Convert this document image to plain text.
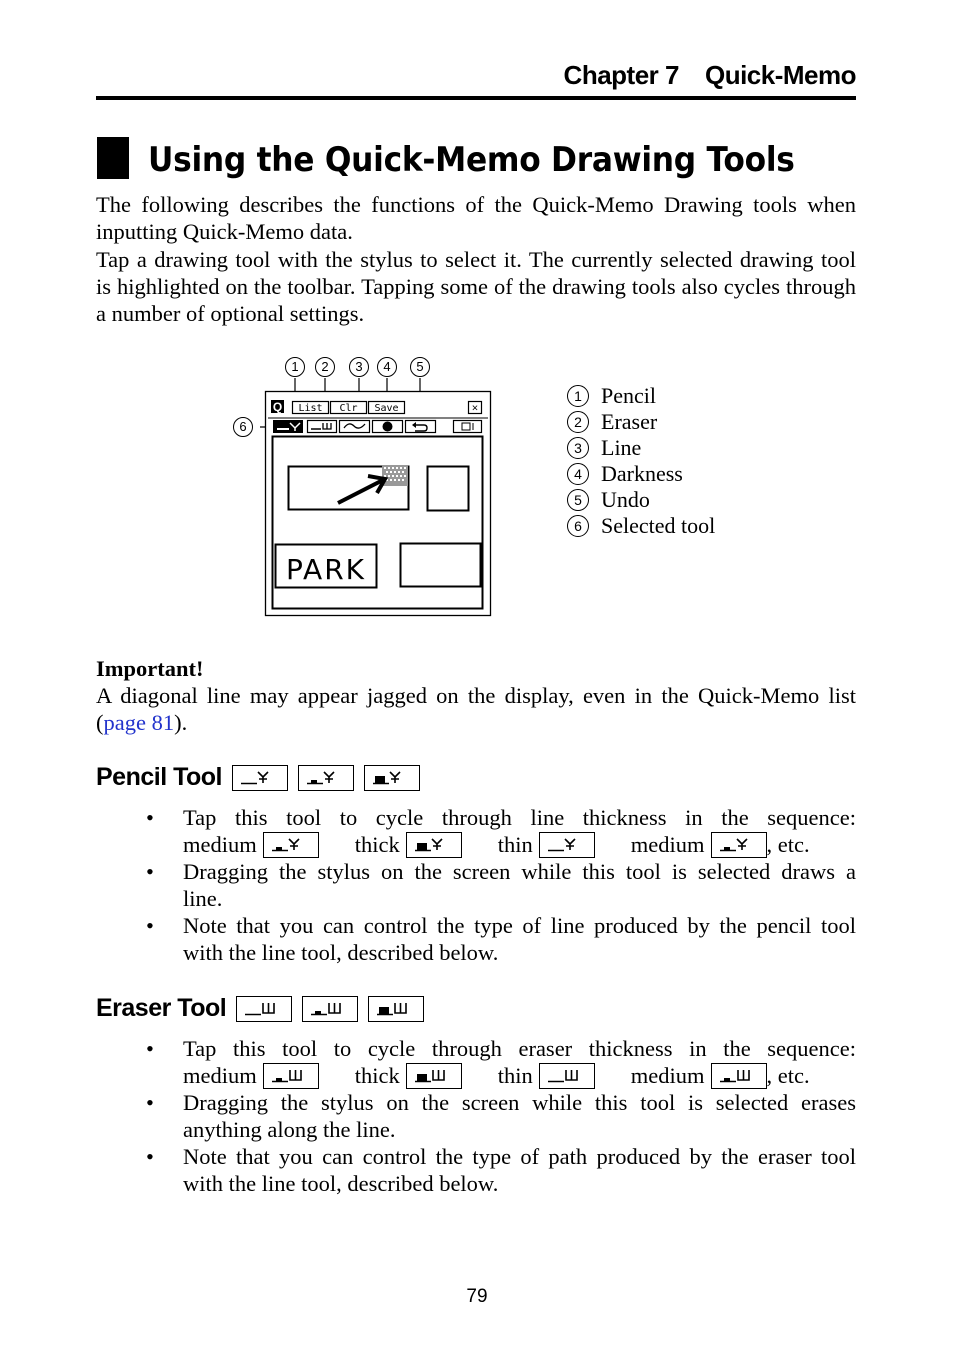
Chapter 7 Quick-Memo
Using the Quick-Memo Drawing Tools
The following describes the functions of the Quick-Memo Drawing tools when
inputting Quick-Memo data.
Tap a drawing tool with the stylus to select it. The currently selected drawing tool
is highlighted on the toolbar. Tapping some of the drawing tools also cycles through
a number of optional settings.
1	2	3	4	5
6
Q List Clr Save	×
PARK
1 Pencil
2 Eraser
3 Line
4 Darkness
5 Undo
6 Selected tool
Important!
A diagonal line may appear jagged on the display, even in the Quick-Memo list
(page 81).
Pencil Tool
• Tap this tool to cycle through line thickness in the sequence:
medium	thick	thin	medium	, etc.
• Dragging the stylus on the screen while this tool is selected draws a
line.
• Note that you can control the type of line produced by the pencil tool
with the line tool, described below.
Eraser Tool
• Tap this tool to cycle through eraser thickness in the sequence:
medium	thick	thin	medium	, etc.
• Dragging the stylus on the screen while this tool is selected erases
anything along the line.
• Note that you can control the type of path produced by the eraser tool
with the line tool, described below.
79
